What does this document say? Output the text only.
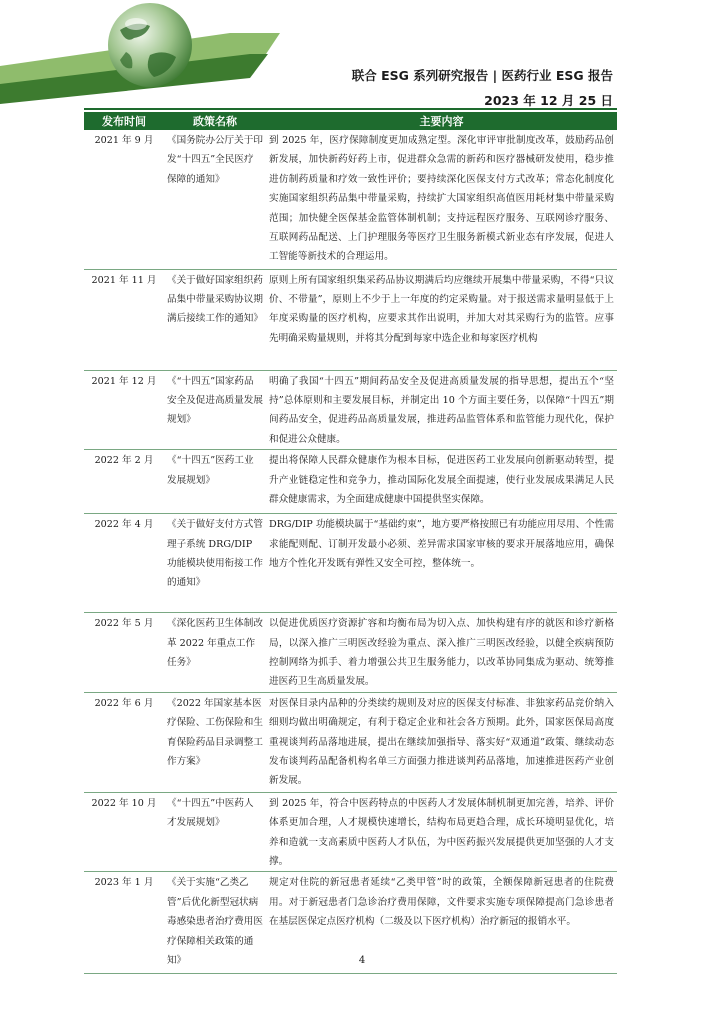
联合 ESG 系列研究报告 | 医药行业 ESG 报告
2023 年 12 月 25 日
发布时间	政策名称	主要内容
2021 年 9 月	《国务院办公厅关于印发“十四五”全民医疗保障的通知》	到 2025 年，医疗保障制度更加成熟定型。深化审评审批制度改革，鼓励药品创新发展，加快新药好药上市，促进群众急需的新药和医疗器械研发使用，稳步推进仿制药质量和疗效一致性评价；要持续深化医保支付方式改革；常态化制度化实施国家组织药品集中带量采购，持续扩大国家组织高值医用耗材集中带量采购范围；加快健全医保基金监管体制机制；支持远程医疗服务、互联网诊疗服务、互联网药品配送、上门护理服务等医疗卫生服务新模式新业态有序发展，促进人工智能等新技术的合理运用。
2021 年 11 月	《关于做好国家组织药品集中带量采购协议期满后接续工作的通知》	原则上所有国家组织集采药品协议期满后均应继续开展集中带量采购，不得“只议价、不带量”，原则上不少于上一年度的约定采购量。对于报送需求量明显低于上年度采购量的医疗机构，应要求其作出说明，并加大对其采购行为的监管。应事先明确采购量规则，并将其分配到每家中选企业和每家医疗机构
2021 年 12 月	《“十四五”国家药品安全及促进高质量发展规划》	明确了我国“十四五”期间药品安全及促进高质量发展的指导思想，提出五个“坚持”总体原则和主要发展目标，并制定出 10 个方面主要任务，以保障“十四五”期间药品安全，促进药品高质量发展，推进药品监管体系和监管能力现代化，保护和促进公众健康。
2022 年 2 月	《“十四五”医药工业发展规划》	提出将保障人民群众健康作为根本目标，促进医药工业发展向创新驱动转型，提升产业链稳定性和竞争力，推动国际化发展全面提速，使行业发展成果满足人民群众健康需求，为全面建成健康中国提供坚实保障。
2022 年 4 月	《关于做好支付方式管理子系统 DRG/DIP 功能模块使用衔接工作的通知》	DRG/DIP 功能模块属于“基础约束”，地方要严格按照已有功能应用尽用、个性需求能配则配、订制开发最小必须、差异需求国家审核的要求开展落地应用，确保地方个性化开发既有弹性又安全可控，整体统一。
2022 年 5 月	《深化医药卫生体制改革 2022 年重点工作任务》	以促进优质医疗资源扩容和均衡布局为切入点、加快构建有序的就医和诊疗新格局，以深入推广三明医改经验为重点、深入推广三明医改经验，以健全疾病预防控制网络为抓手、着力增强公共卫生服务能力，以改革协同集成为驱动、统筹推进医药卫生高质量发展。
2022 年 6 月	《2022 年国家基本医疗保险、工伤保险和生育保险药品目录调整工作方案》	对医保目录内品种的分类续约规则及对应的医保支付标准、非独家药品竞价纳入细则均做出明确规定，有利于稳定企业和社会各方预期。此外，国家医保局高度重视谈判药品落地进展，提出在继续加强指导、落实好“双通道”政策、继续动态发布谈判药品配备机构名单三方面强力推进谈判药品落地，加速推进医药产业创新发展。
2022 年 10 月	《“十四五”中医药人才发展规划》	到 2025 年，符合中医药特点的中医药人才发展体制机制更加完善，培养、评价体系更加合理，人才规模快速增长，结构布局更趋合理，成长环境明显优化，培养和造就一支高素质中医药人才队伍，为中医药振兴发展提供更加坚强的人才支撑。
2023 年 1 月	《关于实施“乙类乙管”后优化新型冠状病毒感染患者治疗费用医疗保障相关政策的通知》	规定对住院的新冠患者延续“乙类甲管”时的政策，全额保障新冠患者的住院费用。对于新冠患者门急诊治疗费用保障，文件要求实施专项保障提高门急诊患者在基层医保定点医疗机构（二级及以下医疗机构）治疗新冠的报销水平。
4
